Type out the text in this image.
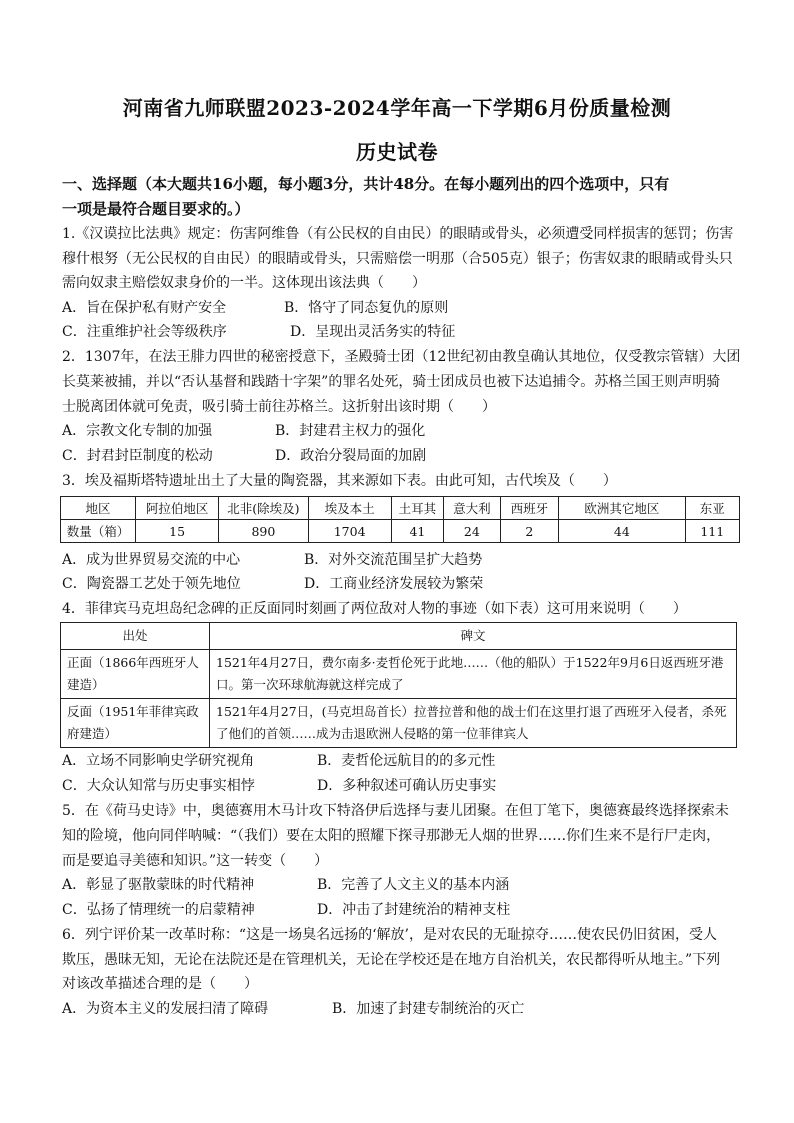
河南省九师联盟2023-2024学年高一下学期6月份质量检测
历史试卷
一、选择题（本大题共16小题，每小题3分，共计48分。在每小题列出的四个选项中，只有
一项是最符合题目要求的。）
1.《汉谟拉比法典》规定：伤害阿维鲁（有公民权的自由民）的眼睛或骨头，必须遭受同样损害的惩罚；伤害
穆什根努（无公民权的自由民）的眼睛或骨头，只需赔偿一明那（合505克）银子；伤害奴隶的眼睛或骨头只
需向奴隶主赔偿奴隶身价的一半。这体现出该法典（　　）
A．旨在保护私有财产安全	B．恪守了同态复仇的原则
C．注重维护社会等级秩序	D．呈现出灵活务实的特征
2．1307年，在法王腓力四世的秘密授意下，圣殿骑士团（12世纪初由教皇确认其地位，仅受教宗管辖）大团
长莫莱被捕，并以“否认基督和践踏十字架”的罪名处死，骑士团成员也被下达追捕令。苏格兰国王则声明骑
士脱离团体就可免责，吸引骑士前往苏格兰。这折射出该时期（　　）
A．宗教文化专制的加强	B．封建君主权力的强化
C．封君封臣制度的松动	D．政治分裂局面的加剧
3．埃及福斯塔特遗址出土了大量的陶瓷器，其来源如下表。由此可知，古代埃及（　　）
地区	阿拉伯地区	北非(除埃及)	埃及本土	土耳其	意大利	西班牙	欧洲其它地区	东亚
数量（箱）	15	890	1704	41	24	2	44	111
A．成为世界贸易交流的中心	B．对外交流范围呈扩大趋势
C．陶瓷器工艺处于领先地位	D．工商业经济发展较为繁荣
4．菲律宾马克坦岛纪念碑的正反面同时刻画了两位敌对人物的事迹（如下表）这可用来说明（　　）
出处	碑文
正面（1866年西班牙人建造）	1521年4月27日，费尔南多·麦哲伦死于此地……（他的船队）于1522年9月6日返西班牙港口。第一次环球航海就这样完成了
反面（1951年菲律宾政府建造）	1521年4月27日，(马克坦岛首长）拉普拉普和他的战士们在这里打退了西班牙入侵者，杀死了他们的首领……成为击退欧洲人侵略的第一位菲律宾人
A．立场不同影响史学研究视角	B．麦哲伦远航目的的多元性
C．大众认知常与历史事实相悖	D．多种叙述可确认历史事实
5．在《荷马史诗》中，奥德赛用木马计攻下特洛伊后选择与妻儿团聚。在但丁笔下，奥德赛最终选择探索未
知的险境，他向同伴呐喊：“（我们）要在太阳的照耀下探寻那渺无人烟的世界……你们生来不是行尸走肉，
而是要追寻美德和知识。”这一转变（　　）
A．彰显了驱散蒙昧的时代精神	B．完善了人文主义的基本内涵
C．弘扬了情理统一的启蒙精神	D．冲击了封建统治的精神支柱
6．列宁评价某一改革时称：“这是一场臭名远扬的‘解放’，是对农民的无耻掠夺……使农民仍旧贫困，受人
欺压，愚昧无知，无论在法院还是在管理机关，无论在学校还是在地方自治机关，农民都得听从地主。”下列
对该改革描述合理的是（　　）
A．为资本主义的发展扫清了障碍	B．加速了封建专制统治的灭亡
